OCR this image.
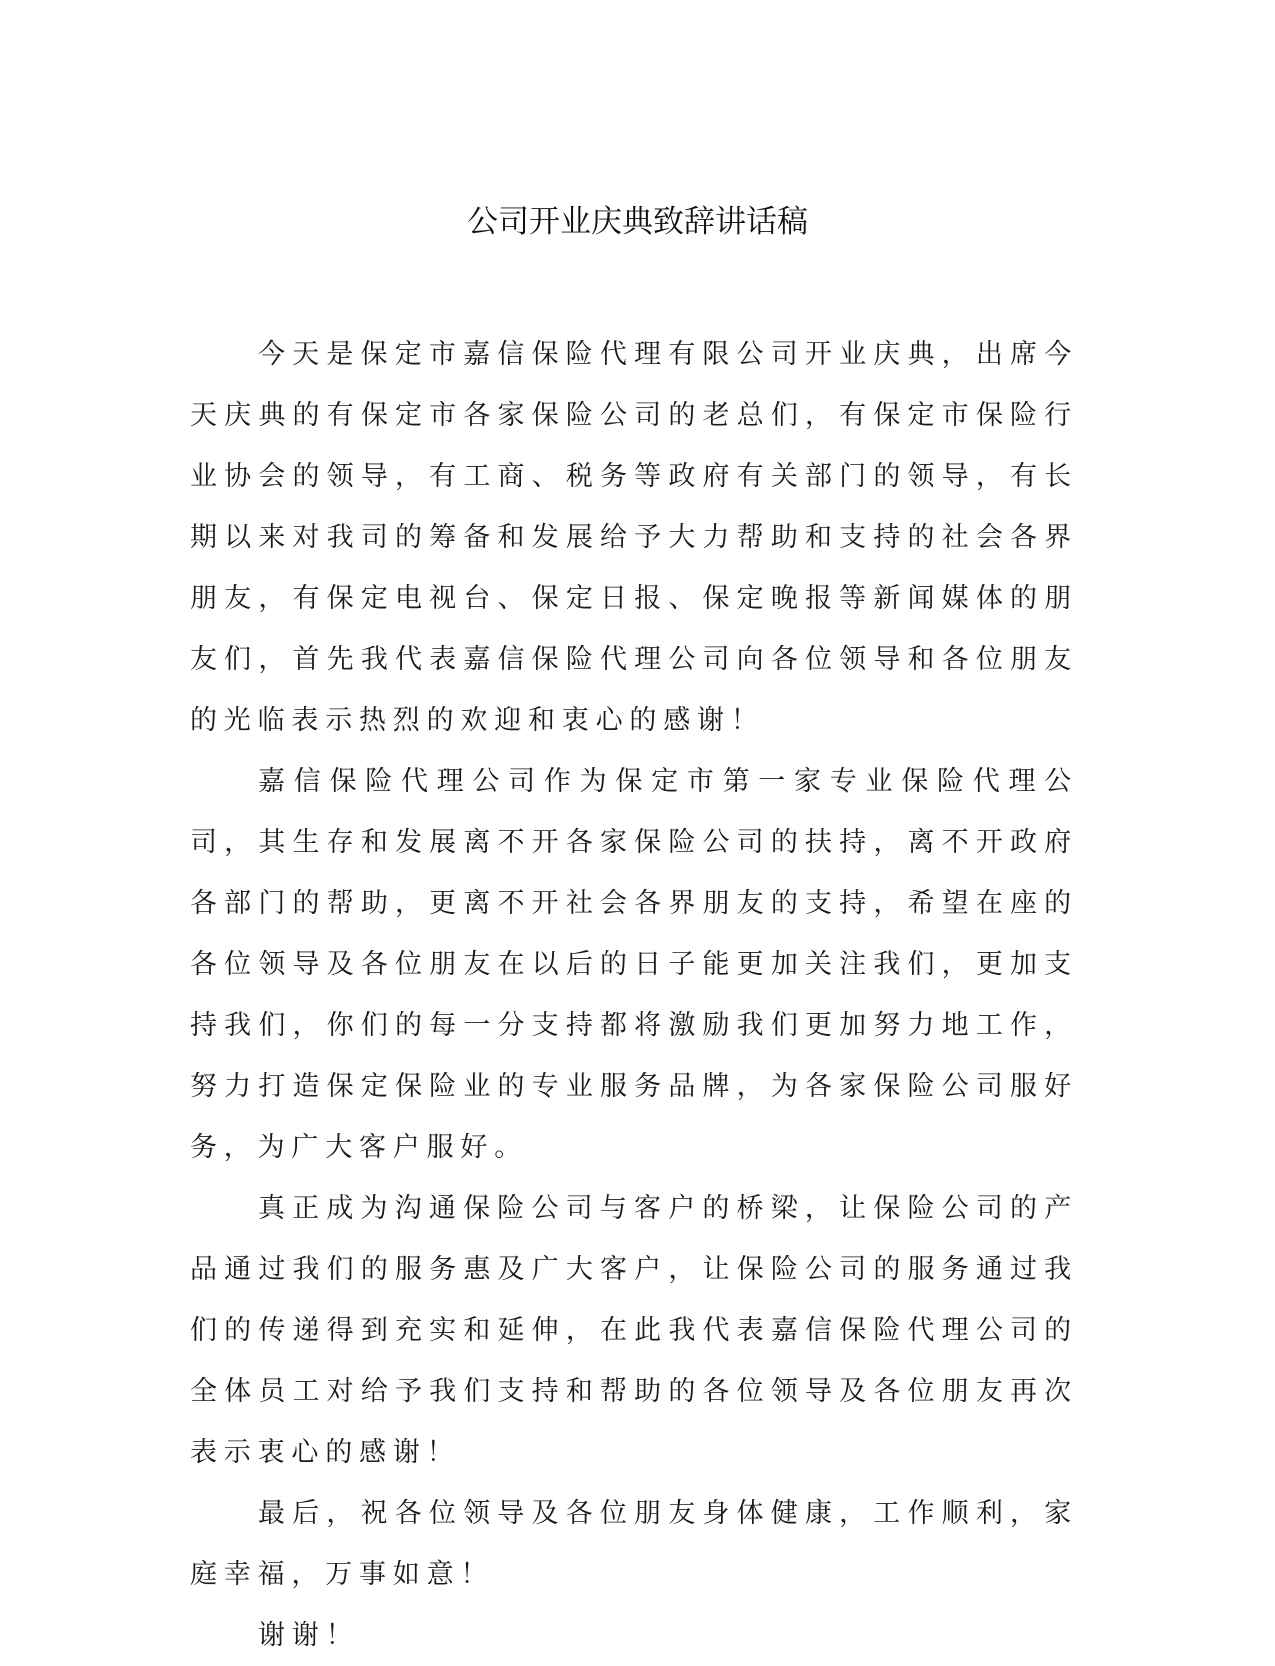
公司开业庆典致辞讲话稿

今天是保定市嘉信保险代理有限公司开业庆典，出席今天庆典的有保定市各家保险公司的老总们，有保定市保险行业协会的领导，有工商、税务等政府有关部门的领导，有长期以来对我司的筹备和发展给予大力帮助和支持的社会各界朋友，有保定电视台、保定日报、保定晚报等新闻媒体的朋友们，首先我代表嘉信保险代理公司向各位领导和各位朋友的光临表示热烈的欢迎和衷心的感谢！

嘉信保险代理公司作为保定市第一家专业保险代理公司，其生存和发展离不开各家保险公司的扶持，离不开政府各部门的帮助，更离不开社会各界朋友的支持，希望在座的各位领导及各位朋友在以后的日子能更加关注我们，更加支持我们，你们的每一分支持都将激励我们更加努力地工作，努力打造保定保险业的专业服务品牌，为各家保险公司服好务，为广大客户服好。

真正成为沟通保险公司与客户的桥梁，让保险公司的产品通过我们的服务惠及广大客户，让保险公司的服务通过我们的传递得到充实和延伸，在此我代表嘉信保险代理公司的全体员工对给予我们支持和帮助的各位领导及各位朋友再次表示衷心的感谢！

最后，祝各位领导及各位朋友身体健康，工作顺利，家庭幸福，万事如意！

谢谢！
